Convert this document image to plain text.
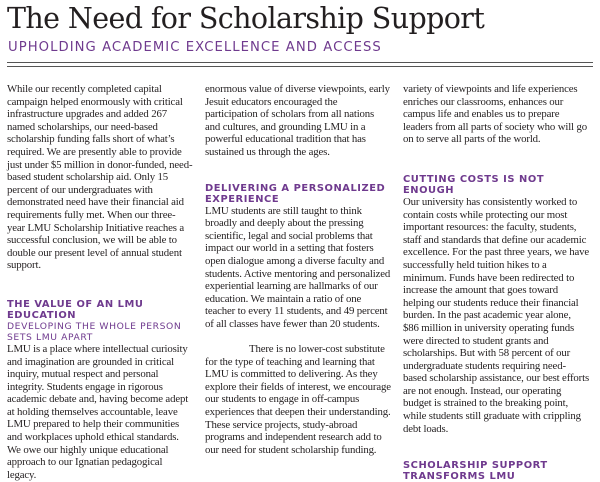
The Need for Scholarship Support
UPHOLDING ACADEMIC EXCELLENCE AND ACCESS

While our recently completed capital campaign helped enormously with critical infrastructure upgrades and added 267 named scholarships, our need-based scholarship funding falls short of what’s required. We are presently able to provide just under $5 million in donor-funded, need-based student scholarship aid. Only 15 percent of our undergraduates with demonstrated need have their financial aid requirements fully met. When our three-year LMU Scholarship Initiative reaches a successful conclusion, we will be able to double our present level of annual student support.

THE VALUE OF AN LMU EDUCATION
DEVELOPING THE WHOLE PERSON SETS LMU APART

LMU is a place where intellectual curiosity and imagination are grounded in critical inquiry, mutual respect and personal integrity. Students engage in rigorous academic debate and, having become adept at holding themselves accountable, leave LMU prepared to help their communities and workplaces uphold ethical standards. We owe our highly unique educational approach to our Ignatian pedagogical legacy.

enormous value of diverse viewpoints, early Jesuit educators encouraged the participation of scholars from all nations and cultures, and grounding LMU in a powerful educational tradition that has sustained us through the ages.

DELIVERING A PERSONALIZED EXPERIENCE

LMU students are still taught to think broadly and deeply about the pressing scientific, legal and social problems that impact our world in a setting that fosters open dialogue among a diverse faculty and students. Active mentoring and personalized experiential learning are hallmarks of our education. We maintain a ratio of one teacher to every 11 students, and 49 percent of all classes have fewer than 20 students.

There is no lower-cost substitute for the type of teaching and learning that LMU is committed to delivering. As they explore their fields of interest, we encourage our students to engage in off-campus experiences that deepen their understanding. These service projects, study-abroad programs and independent research add to our need for student scholarship funding.

variety of viewpoints and life experiences enriches our classrooms, enhances our campus life and enables us to prepare leaders from all parts of society who will go on to serve all parts of the world.

CUTTING COSTS IS NOT ENOUGH

Our university has consistently worked to contain costs while protecting our most important resources: the faculty, students, staff and standards that define our academic excellence. For the past three years, we have successfully held tuition hikes to a minimum. Funds have been redirected to increase the amount that goes toward helping our students reduce their financial burden. In the past academic year alone, $86 million in university operating funds were directed to student grants and scholarships. But with 58 percent of our undergraduate students requiring need-based scholarship assistance, our best efforts are not enough. Instead, our operating budget is strained to the breaking point, while students still graduate with crippling debt loads.

SCHOLARSHIP SUPPORT TRANSFORMS LMU
